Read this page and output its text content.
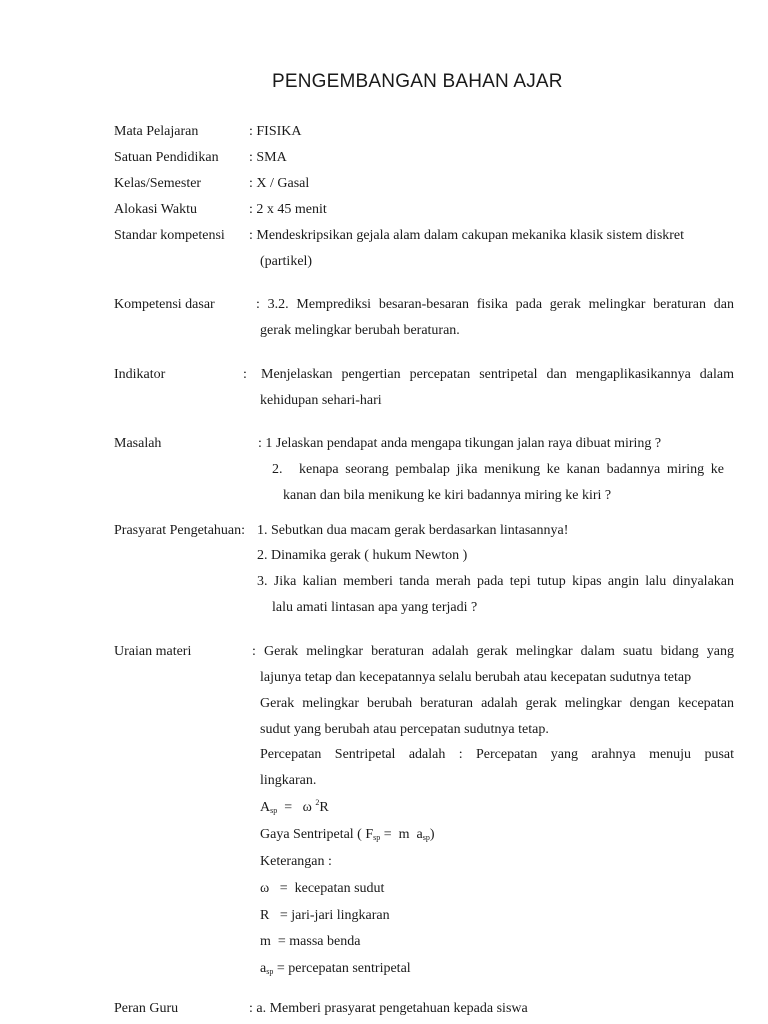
PENGEMBANGAN BAHAN AJAR
Mata Pelajaran	: FISIKA
Satuan Pendidikan : SMA
Kelas/Semester	: X / Gasal
Alokasi Waktu	: 2 x 45 menit
Standar kompetensi : Mendeskripsikan gejala alam dalam cakupan mekanika klasik sistem diskret
(partikel)
Kompetensi dasar	: 3.2. Memprediksi besaran-besaran fisika pada gerak melingkar beraturan dan
gerak melingkar berubah beraturan.
Indikator	: Menjelaskan pengertian percepatan sentripetal dan mengaplikasikannya dalam
kehidupan sehari-hari
Masalah	: 1 Jelaskan pendapat anda mengapa tikungan jalan raya dibuat miring ?
2. kenapa seorang pembalap jika menikung ke kanan badannya miring ke
kanan dan bila menikung ke kiri badannya miring ke kiri ?
Prasyarat Pengetahuan: 1. Sebutkan dua macam gerak berdasarkan lintasannya!
2. Dinamika gerak ( hukum Newton )
3. Jika kalian memberi tanda merah pada tepi tutup kipas angin lalu dinyalakan
lalu amati lintasan apa yang terjadi ?
Uraian materi	: Gerak melingkar beraturan adalah gerak melingkar dalam suatu bidang yang
lajunya tetap dan kecepatannya selalu berubah atau kecepatan sudutnya tetap
Gerak melingkar berubah beraturan adalah gerak melingkar dengan kecepatan
sudut yang berubah atau percepatan sudutnya tetap.
Percepatan Sentripetal adalah : Percepatan yang arahnya menuju pusat
lingkaran.
$A_{sp} = \omega$ $^2$R
Gaya Sentripetal ( $F_{sp} = m$  $a_{sp}$)
Keterangan :
ω   =  kecepatan sudut
R   = jari-jari lingkaran
m  = massa benda
$a_{sp}$ = percepatan sentripetal
Peran Guru	: a. Memberi prasyarat pengetahuan kepada siswa
